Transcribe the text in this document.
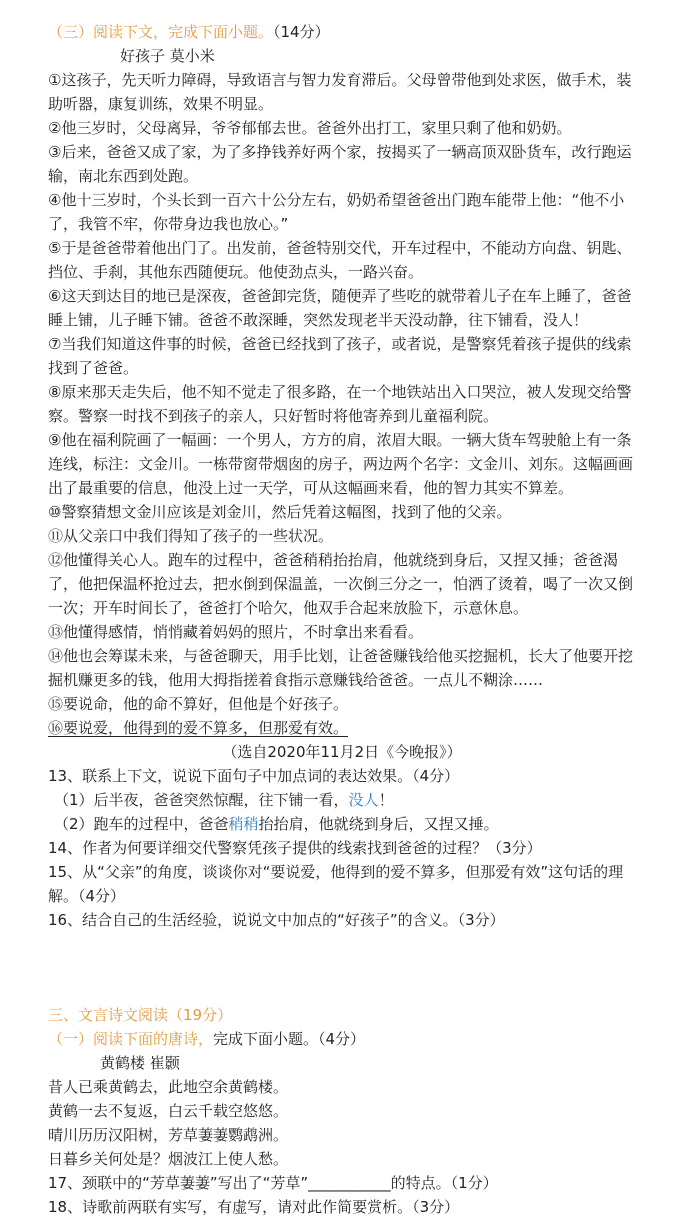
（三）阅读下文，完成下面小题。（14分）
好孩子 莫小米
①这孩子，先天听力障碍，导致语言与智力发育滞后。父母曾带他到处求医，做手术，装
助听器，康复训练，效果不明显。
②他三岁时，父母离异，爷爷郁郁去世。爸爸外出打工，家里只剩了他和奶奶。
③后来，爸爸又成了家，为了多挣钱养好两个家，按揭买了一辆高顶双卧货车，改行跑运
输，南北东西到处跑。
④他十三岁时，个头长到一百六十公分左右，奶奶希望爸爸出门跑车能带上他：“他不小
了，我管不牢，你带身边我也放心。”
⑤于是爸爸带着他出门了。出发前，爸爸特别交代，开车过程中，不能动方向盘、钥匙、
挡位、手刹，其他东西随便玩。他使劲点头，一路兴奋。
⑥这天到达目的地已是深夜，爸爸卸完货，随便弄了些吃的就带着儿子在车上睡了，爸爸
睡上铺，儿子睡下铺。爸爸不敢深睡，突然发现老半天没动静，往下铺看，没人！
⑦当我们知道这件事的时候，爸爸已经找到了孩子，或者说，是警察凭着孩子提供的线索
找到了爸爸。
⑧原来那天走失后，他不知不觉走了很多路，在一个地铁站出入口哭泣，被人发现交给警
察。警察一时找不到孩子的亲人，只好暂时将他寄养到儿童福利院。
⑨他在福利院画了一幅画：一个男人，方方的肩，浓眉大眼。一辆大货车驾驶舱上有一条
连线，标注：文金川。一栋带窗带烟囱的房子，两边两个名字：文金川、刘东。这幅画画
出了最重要的信息，他没上过一天学，可从这幅画来看，他的智力其实不算差。
⑩警察猜想文金川应该是刘金川，然后凭着这幅图，找到了他的父亲。
⑪从父亲口中我们得知了孩子的一些状况。
⑫他懂得关心人。跑车的过程中，爸爸稍稍抬抬肩，他就绕到身后，又捏又捶；爸爸渴
了，他把保温杯抢过去，把水倒到保温盖，一次倒三分之一，怕洒了烫着，喝了一次又倒
一次；开车时间长了，爸爸打个哈欠，他双手合起来放脸下，示意休息。
⑬他懂得感情，悄悄藏着妈妈的照片，不时拿出来看看。
⑭他也会筹谋未来，与爸爸聊天，用手比划，让爸爸赚钱给他买挖掘机，长大了他要开挖
掘机赚更多的钱，他用大拇指搓着食指示意赚钱给爸爸。一点儿不糊涂……
⑮要说命，他的命不算好，但他是个好孩子。
⑯要说爱，他得到的爱不算多，但那爱有效。
（选自2020年11月2日《今晚报》）
13、联系上下文，说说下面句子中加点词的表达效果。（4分）
（1）后半夜，爸爸突然惊醒，往下铺一看，没人！
（2）跑车的过程中，爸爸稍稍抬抬肩，他就绕到身后，又捏又捶。
14、作者为何要详细交代警察凭孩子提供的线索找到爸爸的过程？（3分）
15、从“父亲”的角度，谈谈你对“要说爱，他得到的爱不算多，但那爱有效”这句话的理
解。（4分）
16、结合自己的生活经验，说说文中加点的“好孩子”的含义。（3分）
三、文言诗文阅读（19分）
（一）阅读下面的唐诗，完成下面小题。（4分）
黄鹤楼 崔颢
昔人已乘黄鹤去，此地空余黄鹤楼。
黄鹤一去不复返，白云千载空悠悠。
晴川历历汉阳树，芳草萋萋鹦鹉洲。
日暮乡关何处是？烟波江上使人愁。
17、颈联中的“芳草萋萋”写出了“芳草”___________的特点。（1分）
18、诗歌前两联有实写，有虚写，请对此作简要赏析。（3分）
